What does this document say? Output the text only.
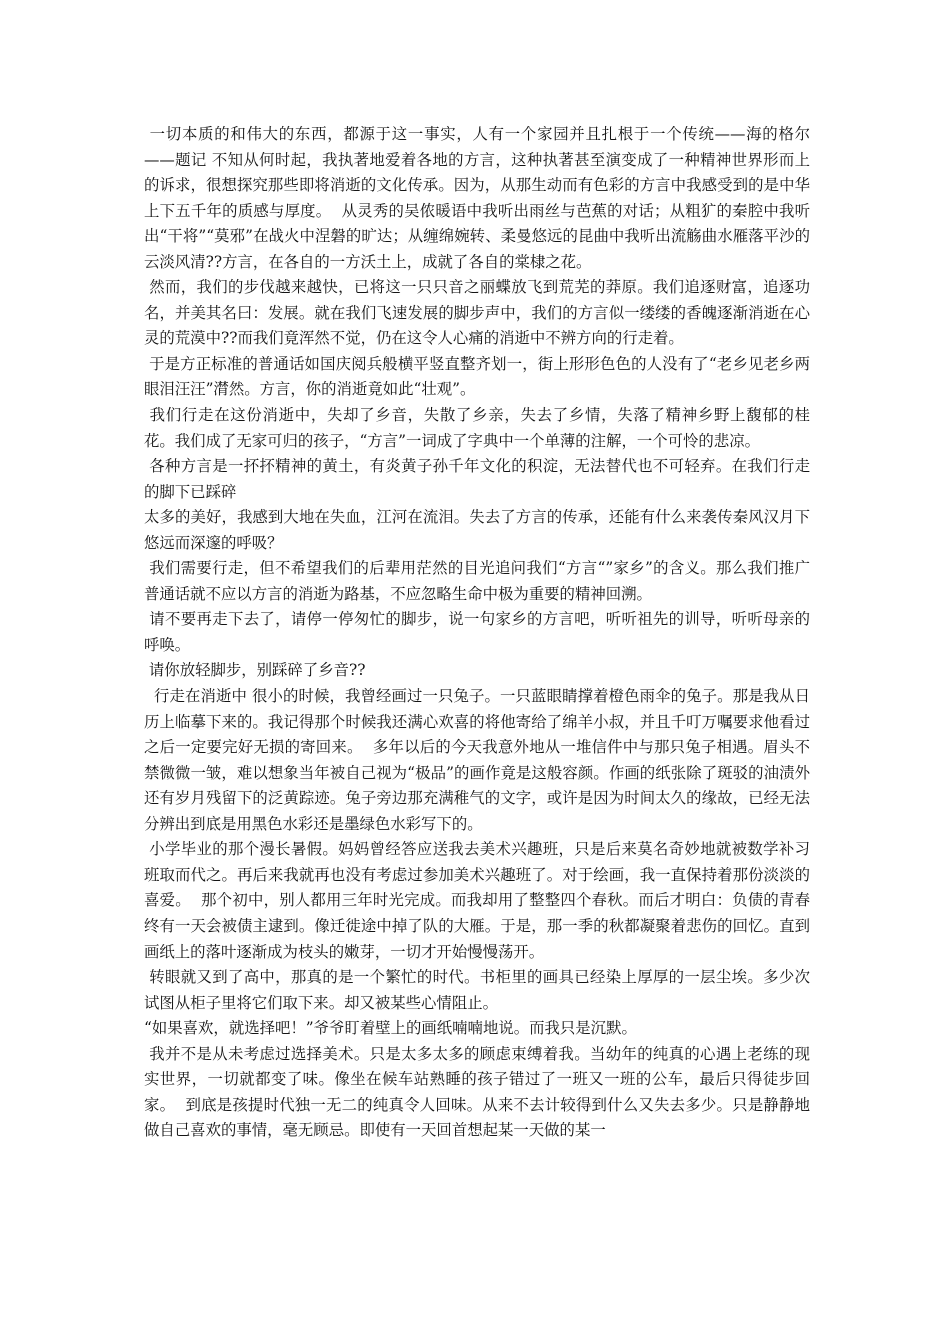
一切本质的和伟大的东西，都源于这一事实，人有一个家园并且扎根于一个传统——海的格尔  ——题记 不知从何时起，我执著地爱着各地的方言，这种执著甚至演变成了一种精神世界形而上的诉求，很想探究那些即将消逝的文化传承。因为，从那生动而有色彩的方言中我感受到的是中华上下五千年的质感与厚度。  从灵秀的吴侬暖语中我听出雨丝与芭蕉的对话；从粗犷的秦腔中我听出“干将”“莫邪”在战火中涅磐的旷达；从缠绵婉转、柔曼悠远的昆曲中我听出流觞曲水雁落平沙的云淡风清??方言，在各自的一方沃土上，成就了各自的棠棣之花。

然而，我们的步伐越来越快，已将这一只只音之丽蝶放飞到荒芜的莽原。我们追逐财富，追逐功名，并美其名曰：发展。就在我们飞速发展的脚步声中，我们的方言似一缕缕的香魄逐渐消逝在心灵的荒漠中??而我们竟浑然不觉，仍在这令人心痛的消逝中不辨方向的行走着。

于是方正标准的普通话如国庆阅兵般横平竖直整齐划一，街上形形色色的人没有了“老乡见老乡两眼泪汪汪”潸然。方言，你的消逝竟如此“壮观”。

我们行走在这份消逝中，失却了乡音，失散了乡亲，失去了乡情，失落了精神乡野上馥郁的桂花。我们成了无家可归的孩子，“方言”一词成了字典中一个单薄的注解，一个可怜的悲凉。

各种方言是一抔抔精神的黄土，有炎黄子孙千年文化的积淀，无法替代也不可轻弃。在我们行走的脚下已踩碎

太多的美好，我感到大地在失血，江河在流泪。失去了方言的传承，还能有什么来袭传秦风汉月下悠远而深邃的呼吸？

我们需要行走，但不希望我们的后辈用茫然的目光追问我们“方言“”家乡”的含义。那么我们推广普通话就不应以方言的消逝为路基，不应忽略生命中极为重要的精神回溯。

请不要再走下去了，请停一停匆忙的脚步，说一句家乡的方言吧，听听祖先的训导，听听母亲的呼唤。

请你放轻脚步，别踩碎了乡音??

行走在消逝中 很小的时候，我曾经画过一只兔子。一只蓝眼睛撑着橙色雨伞的兔子。那是我从日历上临摹下来的。我记得那个时候我还满心欢喜的将他寄给了绵羊小叔，并且千叮万嘱要求他看过之后一定要完好无损的寄回来。  多年以后的今天我意外地从一堆信件中与那只兔子相遇。眉头不禁微微一皱，难以想象当年被自己视为“极品”的画作竟是这般容颜。作画的纸张除了斑驳的油渍外还有岁月残留下的泛黄踪迹。兔子旁边那充满稚气的文字，或许是因为时间太久的缘故，已经无法分辨出到底是用黑色水彩还是墨绿色水彩写下的。

小学毕业的那个漫长暑假。妈妈曾经答应送我去美术兴趣班，只是后来莫名奇妙地就被数学补习班取而代之。再后来我就再也没有考虑过参加美术兴趣班了。对于绘画，我一直保持着那份淡淡的喜爱。  那个初中，别人都用三年时光完成。而我却用了整整四个春秋。而后才明白：负债的青春终有一天会被债主逮到。像迁徙途中掉了队的大雁。于是，那一季的秋都凝聚着悲伤的回忆。直到画纸上的落叶逐渐成为枝头的嫩芽，一切才开始慢慢荡开。

转眼就又到了高中，那真的是一个繁忙的时代。书柜里的画具已经染上厚厚的一层尘埃。多少次试图从柜子里将它们取下来。却又被某些心情阻止。

“如果喜欢，就选择吧！”爷爷盯着壁上的画纸喃喃地说。而我只是沉默。

我并不是从未考虑过选择美术。只是太多太多的顾虑束缚着我。当幼年的纯真的心遇上老练的现实世界，一切就都变了味。像坐在候车站熟睡的孩子错过了一班又一班的公车，最后只得徒步回家。  到底是孩提时代独一无二的纯真令人回味。从来不去计较得到什么又失去多少。只是静静地做自己喜欢的事情，毫无顾忌。即使有一天回首想起某一天做的某一
